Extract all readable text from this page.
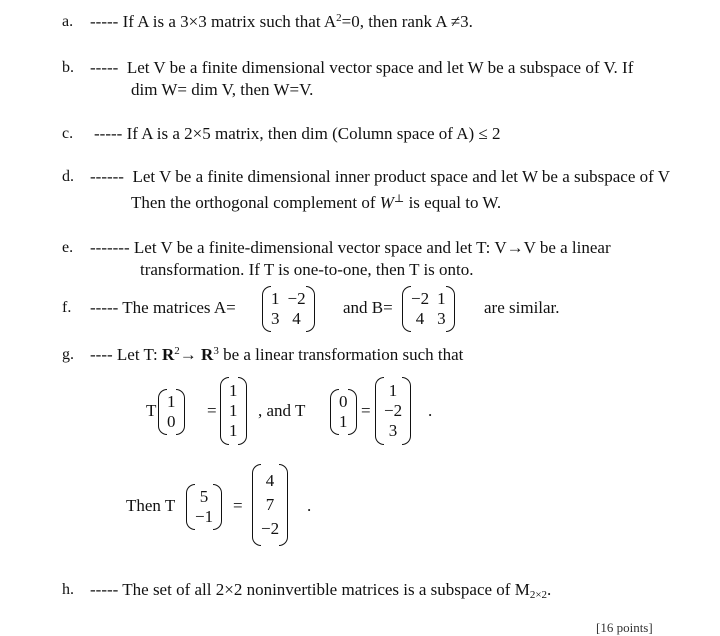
a. ----- If A is a 3×3 matrix such that $A^2=0$, then rank A ≠3.
b. ----- Let V be a finite dimensional vector space and let W be a subspace of V. If
dim W= dim V, then W=V.
c. ----- If A is a 2×5 matrix, then dim (Column space of A) ≤ 2
d. ------ Let V be a finite dimensional inner product space and let W be a subspace of V
Then the orthogonal complement of W⊥ is equal to W.
e. ------- Let V be a finite-dimensional vector space and let T: V→V be a linear
transformation. If T is one-to-one, then T is onto.
f. ----- The matrices A= 1 −2
3 4
and B= −2 1
4 3
are similar.
g. ---- Let T: $R^2\to R^3$ be a linear transformation such that
T 1
0
=
1
1
1
, and T 0
1
=
1
−2
3
.
Then T 5
−1
=
4
7
−2
.
h. ----- The set of all 2×2 noninvertible matrices is a subspace of $M_{2\times 2}$.
[16 points]
